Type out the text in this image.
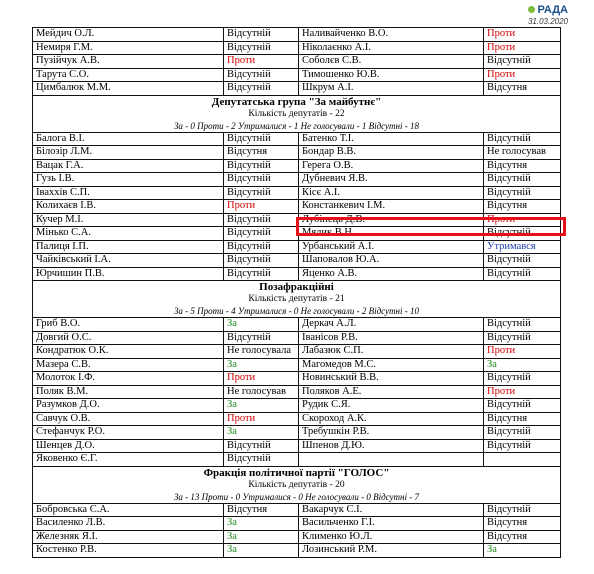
РАДА
31.03.2020
Мейдич О.Л.	Відсутній	Наливайченко В.О.	Проти
Немиря Г.М.	Відсутній	Ніколаєнко А.І.	Проти
Пузійчук А.В.	Проти	Соболєв С.В.	Відсутній
Тарута С.О.	Відсутній	Тимошенко Ю.В.	Проти
Цимбалюк М.М.	Відсутній	Шкрум А.І.	Відсутня

Депутатська група "За майбутнє"
Кількість депутатів - 22
За - 0 Проти - 2 Утрималися - 1 Не голосували - 1 Відсутні - 18			

Балога В.І.	Відсутній	Батенко Т.І.	Відсутній
Білозір Л.М.	Відсутня	Бондар В.В.	Не голосував
Вацак Г.А.	Відсутній	Герега О.В.	Відсутня
Гузь І.В.	Відсутній	Дубневич Я.В.	Відсутній
Іваххів С.П.	Відсутній	Кісє А.І.	Відсутній
Колихаєв І.В.	Проти	Констанкевич І.М.	Відсутня
Кучер М.І.	Відсутній	Лубінець Д.В.	Проти
Мінько С.А.	Відсутній	Мялик В.Н.	Відсутній
Палиця І.П.	Відсутній	Урбанський А.І.	Утримався
Чайківський І.А.	Відсутній	Шаповалов Ю.А.	Відсутній
Юрчишин П.В.	Відсутній	Яценко А.В.	Відсутній

Позафракційні
Кількість депутатів - 21
За - 5 Проти - 4 Утрималися - 0 Не голосували - 2 Відсутні - 10			

Гриб В.О.	За	Деркач А.Л.	Відсутній
Довгий О.С.	Відсутній	Іванісов Р.В.	Відсутній
Кондратюк О.К.	Не голосувала	Лабазюк С.П.	Проти
Мазера С.В.	За	Магомедов М.С.	За
Молоток І.Ф.	Проти	Новинський В.В.	Відсутній
Поляк В.М.	Не голосував	Поляков А.Е.	Проти
Разумков Д.О.	За	Рудик С.Я.	Відсутній
Савчук О.В.	Проти	Скороход А.К.	Відсутня
Стефанчук Р.О.	За	Требушкін Р.В.	Відсутній
Шенцев Д.О.	Відсутній	Шпенов Д.Ю.	Відсутній
Яковенко Є.Г.	Відсутній		

Фракція політичної партії "ГОЛОС"
Кількість депутатів - 20
За - 13 Проти - 0 Утрималися - 0 Не голосували - 0 Відсутні - 7			

Бобровська С.А.	Відсутня	Вакарчук С.І.	Відсутній
Василенко Л.В.	За	Васильченко Г.І.	Відсутня
Железняк Я.І.	За	Клименко Ю.Л.	Відсутня
Костенко Р.В.	За	Лозинський Р.М.	За
